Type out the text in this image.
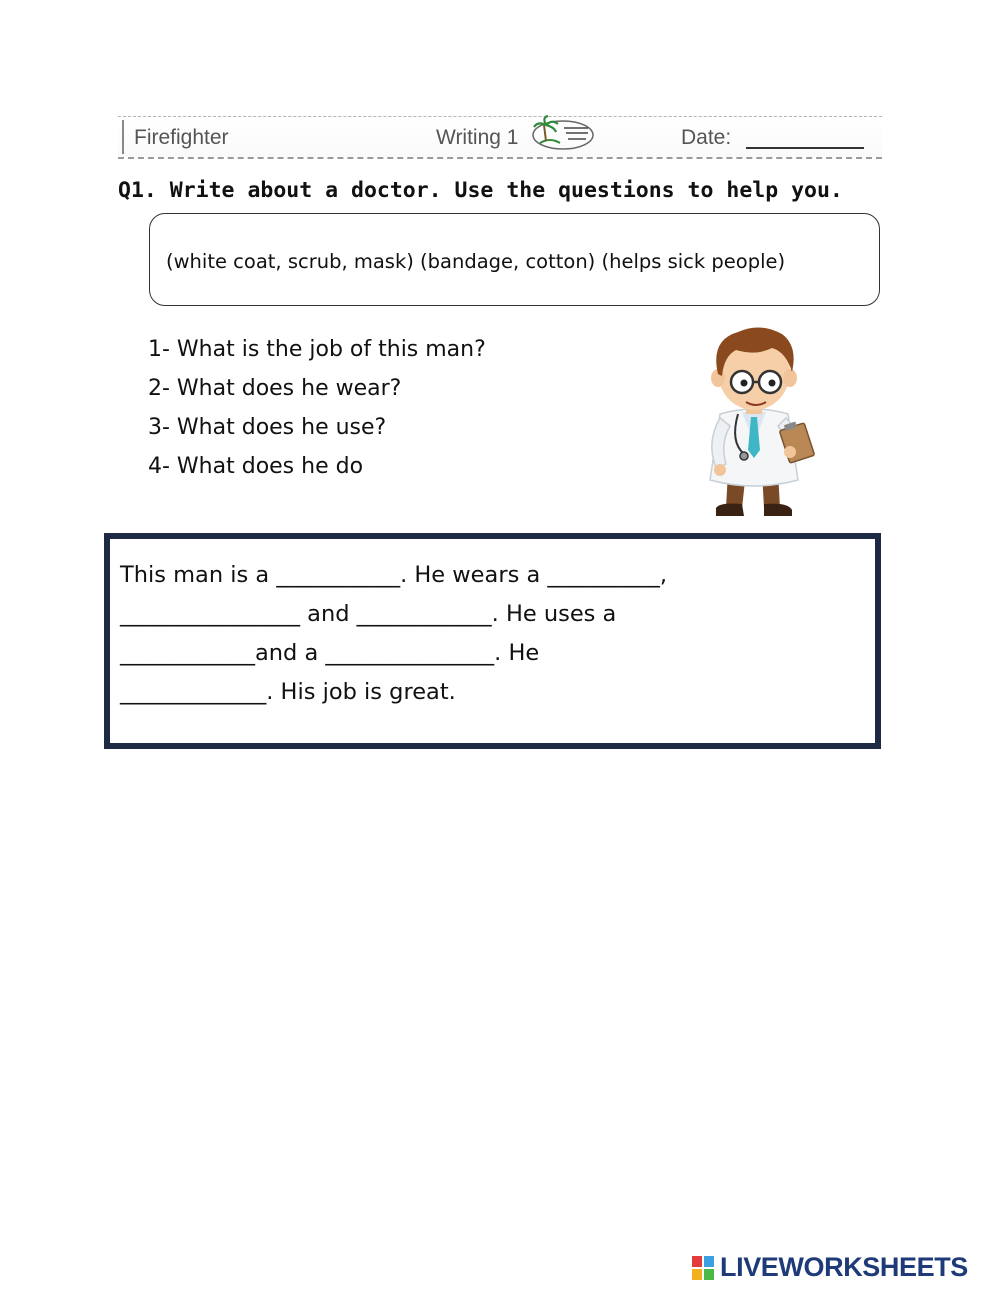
Firefighter	Writing 1	Date:
Q1. Write about a doctor. Use the questions to help you.
(white coat, scrub, mask) (bandage, cotton) (helps sick people)
1- What is the job of this man?
2- What does he wear?
3- What does he use?
4- What does he do
This man is a ___________. He wears a __________,
________________ and ____________. He uses a
____________and a _______________. He
_____________. His job is great.
LIVEWORKSHEETS
